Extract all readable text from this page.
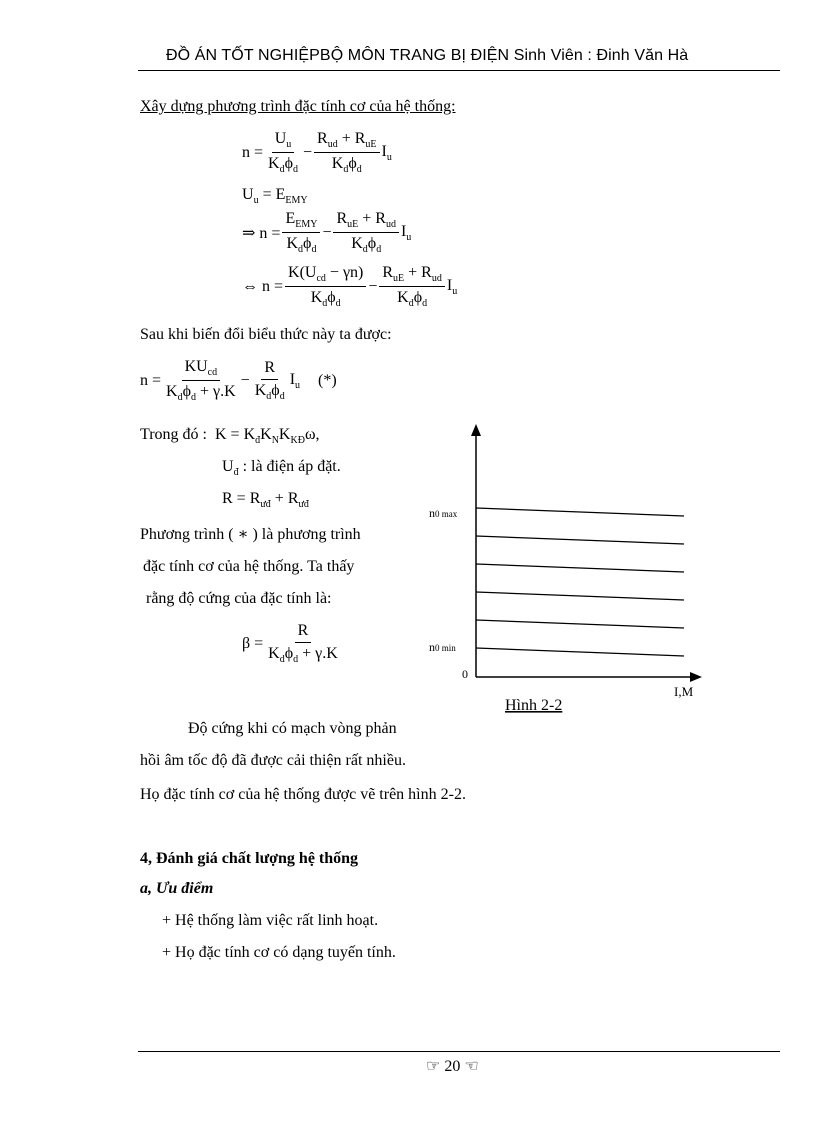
ĐỒ ÁN TỐT NGHIỆPBỘ MÔN TRANG BỊ ĐIỆN Sinh Viên : Đinh Văn Hà
Xây dựng phương trình đặc tính cơ của hệ thống:
$n = \frac{U_u}{K_d\phi_d} - \frac{R_{ud} + R_{uE}}{K_d\phi_d} I_u$
$U_u = E_{EMY}$
⇒ $n = \frac{E_{EMY}}{K_d\phi_d} - \frac{R_{uE} + R_{ud}}{K_d\phi_d} I_u$
⇔ $n = \frac{K(U_{cd} - \gamma n)}{K_d\phi_d} - \frac{R_{uE} + R_{ud}}{K_d\phi_d} I_u$
Sau khi biến đổi biểu thức này ta được:
$n = \frac{KU_{cd}}{K_d\phi_d + \gamma.K} - \frac{R}{K_d\phi_d} I_u$ (*)
Trong đó : $K = K_đK_NK_{KĐ}\omega$,
$U_đ$ : là điện áp đặt.
$R = R_{ưđ} + R_{ưđ}$
Phương trình ( ∗ ) là phương trình
đặc tính cơ của hệ thống. Ta thấy
rằng độ cứng của đặc tính là:
$\beta = \frac{R}{K_d\phi_d + \gamma.K}$
n0 max
n0 min
0
I,M
Hình 2-2
Độ cứng khi có mạch vòng phản
hồi âm tốc độ đã được cải thiện rất nhiều.
Họ đặc tính cơ của hệ thống được vẽ trên hình 2-2.
4, Đánh giá chất lượng hệ thống
a, Ưu điểm
+ Hệ thống làm việc rất linh hoạt.
+ Họ đặc tính cơ có dạng tuyến tính.
☞ 20 ☜
